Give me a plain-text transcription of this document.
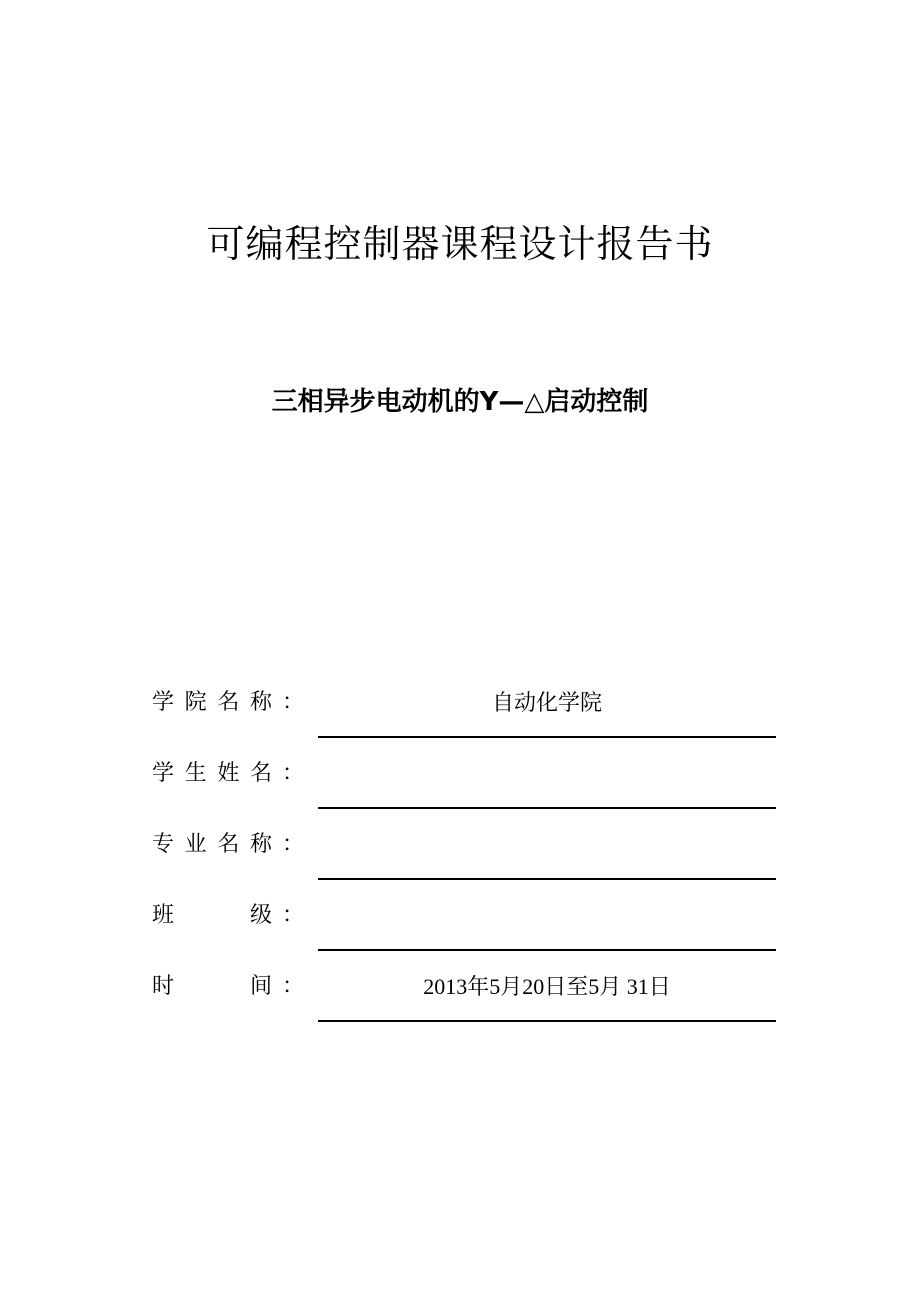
可编程控制器课程设计报告书
三相异步电动机的Y—△启动控制
学院名称 ：	自动化学院
学生姓名 ：
专业名称 ：
班级 ：
时间 ：	2013年5月20日至5月 31日
